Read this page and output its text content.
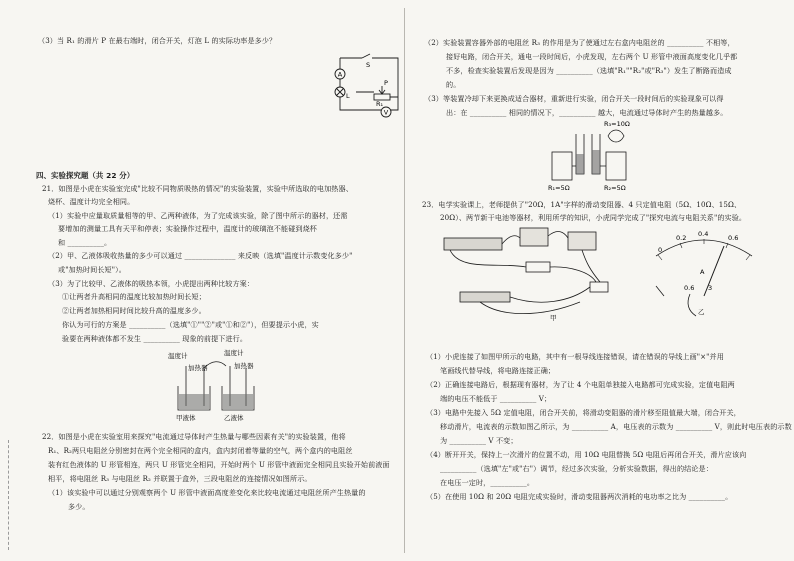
（3）当 R₁ 的滑片 P 在最右端时，闭合开关，灯泡 L 的实际功率是多少？
A
V
S
L
P
R₁
四、实验探究题（共 22 分）
21．如图是小虎在实验室完成"比较不同物质吸热的情况"的实验装置，实验中所选取的电加热器、
烧杯、温度计均完全相同。
（1）实验中应量取质量相等的甲、乙两种液体，为了完成该实验，除了图中所示的器材，还需
要增加的测量工具有天平和停表；实验操作过程中，温度计的玻璃泡不能碰到烧杯
和 __________。
（2）甲、乙液体吸收热量的多少可以通过 ______________ 来反映（选填"温度计示数变化多少"
或"加热时间长短"）。
（3）为了比较甲、乙液体的吸热本领，小虎提出两种比较方案：
①让两者升高相同的温度比较加热时间长短；
②让两者加热相同时间比较升高的温度多少。
你认为可行的方案是 __________（选填"①""②"或"①和②"），但要提示小虎，实
验要在两种液体都不发生 __________ 现象的前提下进行。
温度计	温度计
加热器	加热器
甲液体	乙液体
22．如图是小虎在实验室用来探究"电流通过导体时产生热量与哪些因素有关"的实验装置，他将
R₁、R₂两只电阻丝分别密封在两个完全相同的盒内，盒内封闭着等量的空气，两个盒内的电阻丝
装有红色液体的 U 形管相连，两只 U 形管完全相同，开始时两个 U 形管中液面完全相同且实验开始前液面
相平，将电阻丝 R₃ 与电阻丝 R₂ 并联置于盒外，三段电阻丝的连接情况如图所示。
（1）该实验中可以通过分别观察两个 U 形管中液面高度差变化来比较电流通过电阻丝所产生热量的
多少。
（2）实验装置容器外部的电阻丝 R₃ 的作用是为了使通过左右盒内电阻丝的 __________ 不相等，
接好电路，闭合开关，通电一段时间后，小虎发现，左右两个 U 形管中液面高度变化几乎都
不多，检查实验装置后发现是因为 __________（选填"R₁""R₂"或"R₃"）发生了断路而造成
的。
（3）等装置冷却下来更换成适合器材，重新进行实验，闭合开关一段时间后的实验现象可以得
出：在 __________ 相同的情况下，__________ 越大，电流通过导体时产生的热量越多。
R₃=10Ω
R₁=5Ω	R₂=5Ω
23．电学实验课上，老师提供了"20Ω，1A"字样的滑动变阻器、4 只定值电阻（5Ω、10Ω、15Ω、
20Ω）、两节新干电池等器材，利用所学的知识，小虎同学完成了"探究电流与电阻关系"的实验。
甲
0
0.2 0.4	0.6
A
0.6 3
乙
（1）小虎连接了如图甲所示的电路，其中有一根导线连接错误，请在错误的导线上画"×"并用
笔画线代替导线，将电路连接正确；
（2）正确连接电路后，根据现有器材，为了让 4 个电阻单独接入电路都可完成实验，定值电阻两
端的电压不能低于 __________ V；
（3）电路中先接入 5Ω 定值电阻，闭合开关前，将滑动变阻器的滑片移至阻值最大端，闭合开关，
移动滑片，电流表的示数如图乙所示，为 __________ A，电压表的示数为 __________ V，则此时电压表的示数
为 __________ V 不变；
（4）断开开关，保持上一次滑片的位置不动，用 10Ω 电阻替换 5Ω 电阻后再闭合开关，滑片应该向
__________（选填"左"或"右"）调节，经过多次实验，分析实验数据，得出的结论是：
在电压一定时，__________。
（5）在使用 10Ω 和 20Ω 电阻完成实验时，滑动变阻器两次消耗的电功率之比为 __________。
